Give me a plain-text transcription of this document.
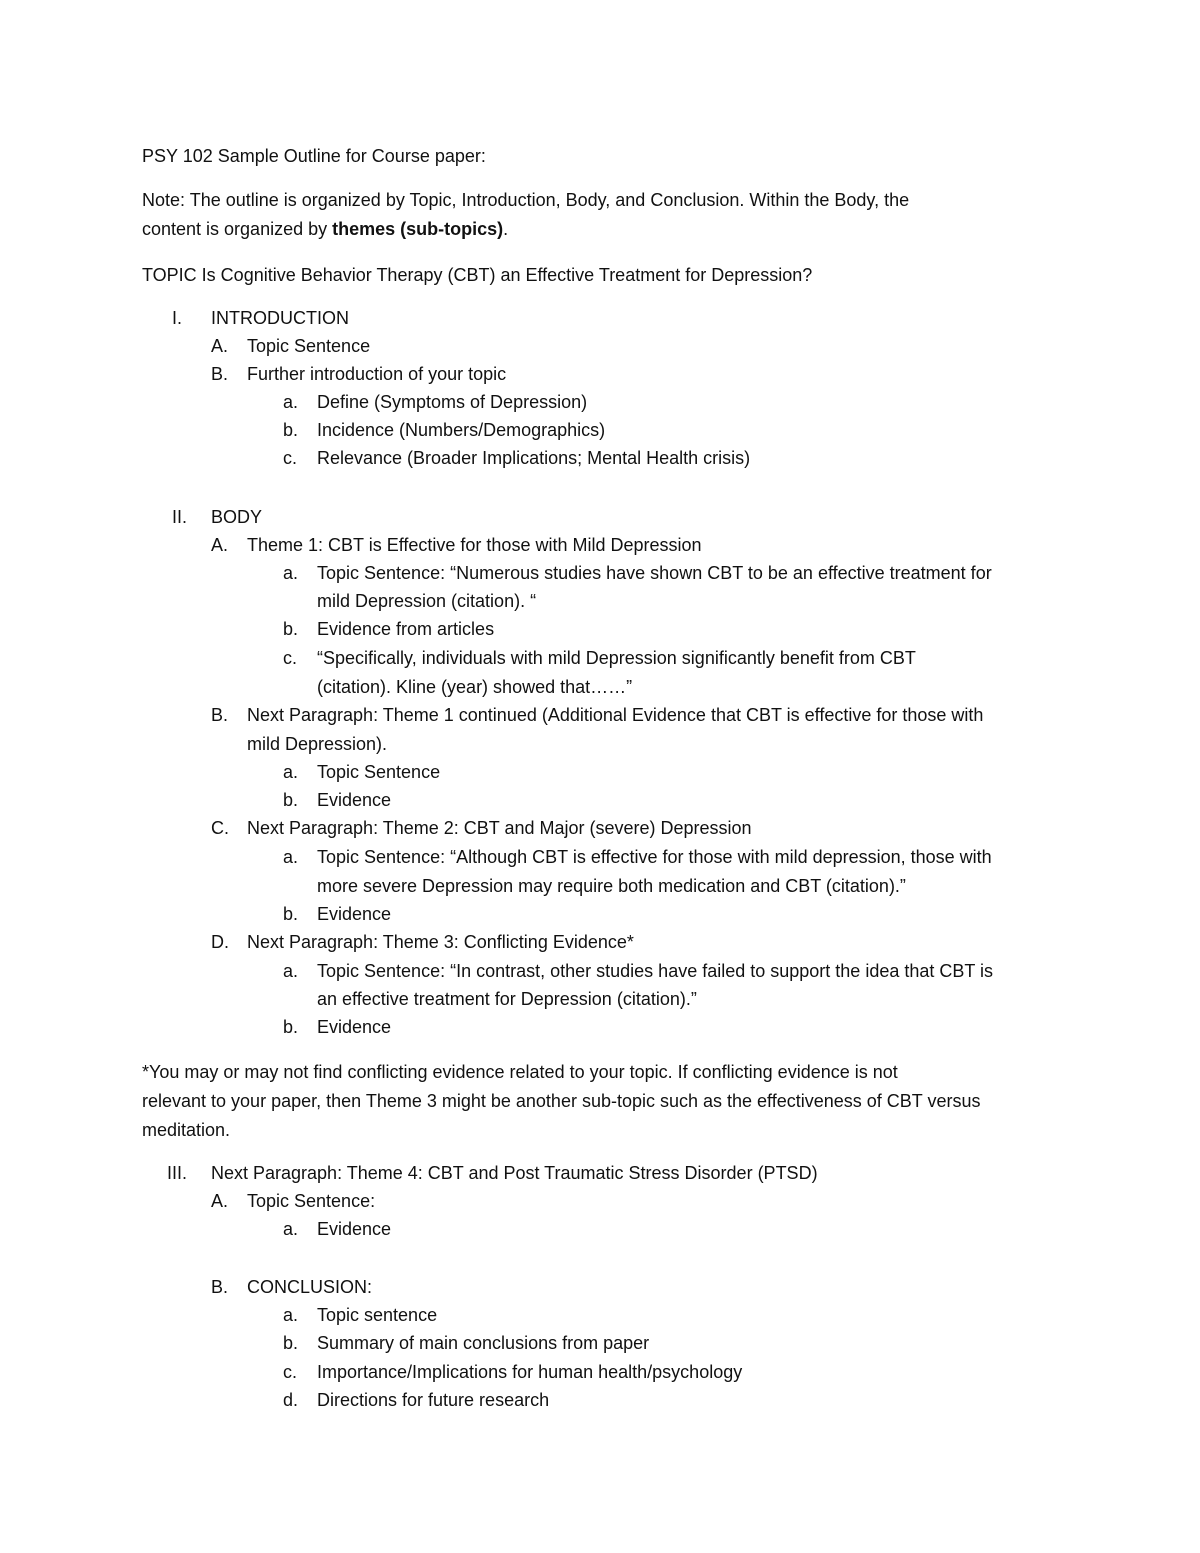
PSY 102 Sample Outline for Course paper:
Note: The outline is organized by Topic, Introduction, Body, and Conclusion. Within the Body, the
content is organized by themes (sub-topics).
TOPIC Is Cognitive Behavior Therapy (CBT) an Effective Treatment for Depression?
I. INTRODUCTION
A. Topic Sentence
B. Further introduction of your topic
a. Define (Symptoms of Depression)
b. Incidence (Numbers/Demographics)
c. Relevance (Broader Implications; Mental Health crisis)
II. BODY
A. Theme 1: CBT is Effective for those with Mild Depression
a. Topic Sentence: “Numerous studies have shown CBT to be an effective treatment for
mild Depression (citation). “
b. Evidence from articles
c. “Specifically, individuals with mild Depression significantly benefit from CBT
(citation). Kline (year) showed that……”
B. Next Paragraph: Theme 1 continued (Additional Evidence that CBT is effective for those with
mild Depression).
a. Topic Sentence
b. Evidence
C. Next Paragraph: Theme 2: CBT and Major (severe) Depression
a. Topic Sentence: “Although CBT is effective for those with mild depression, those with
more severe Depression may require both medication and CBT (citation).”
b. Evidence
D. Next Paragraph: Theme 3: Conflicting Evidence*
a. Topic Sentence: “In contrast, other studies have failed to support the idea that CBT is
an effective treatment for Depression (citation).”
b. Evidence
*You may or may not find conflicting evidence related to your topic. If conflicting evidence is not
relevant to your paper, then Theme 3 might be another sub-topic such as the effectiveness of CBT versus
meditation.
III. Next Paragraph: Theme 4: CBT and Post Traumatic Stress Disorder (PTSD)
A. Topic Sentence:
a. Evidence
B. CONCLUSION:
a. Topic sentence
b. Summary of main conclusions from paper
c. Importance/Implications for human health/psychology
d. Directions for future research
